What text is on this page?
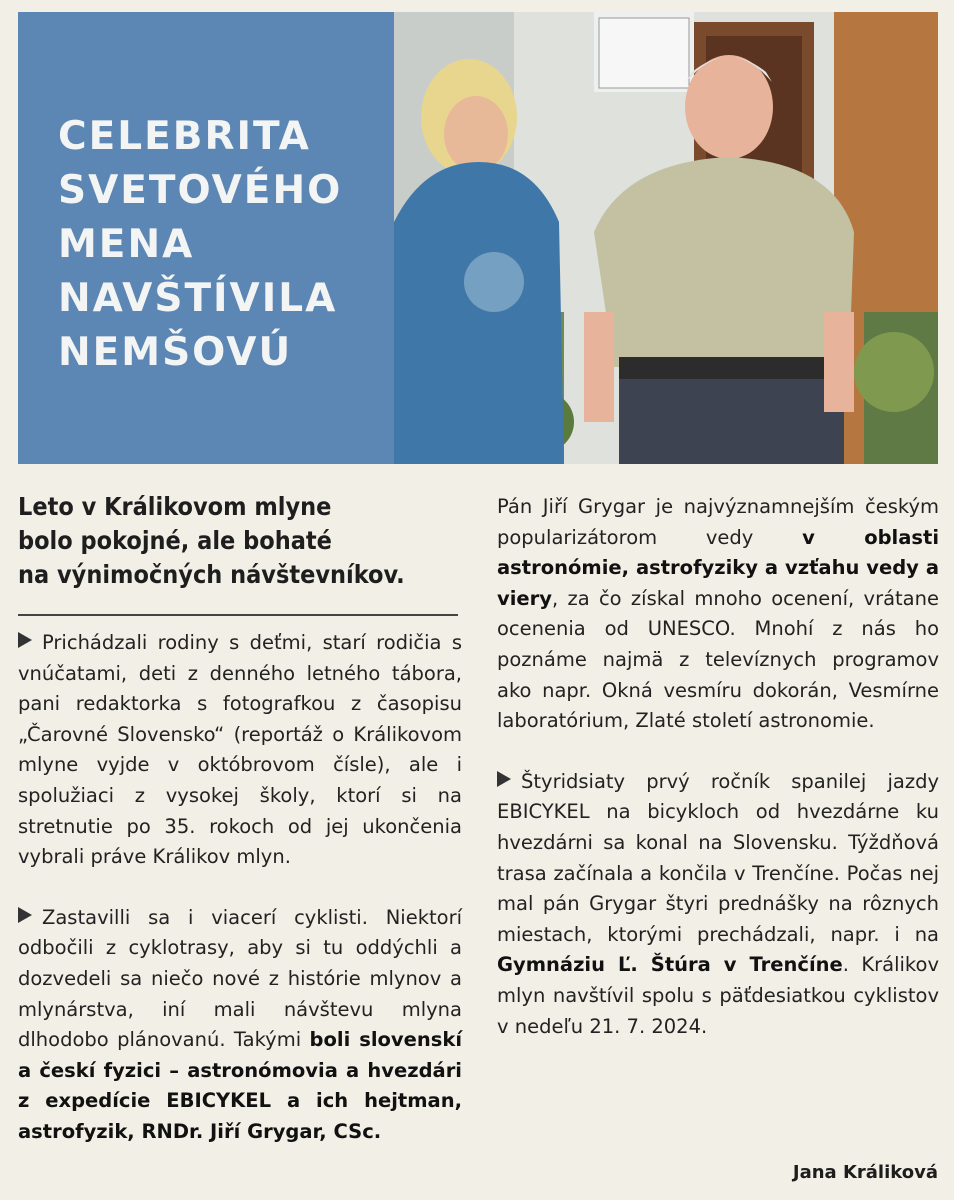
CELEBRITA
SVETOVÉHO
MENA
NAVŠTÍVILA
NEMŠOVÚ
Leto v Králikovom mlyne
bolo pokojné, ale bohaté
na výnimočných návštevníkov.

Prichádzali rodiny s deťmi, starí rodičia s vnúčatami, deti z denného letného tábora, pani redaktorka s fotografkou z časopisu „Čarovné Slovensko“ (reportáž o Králikovom mlyne vyjde v októbrovom čísle), ale i spolužiaci z vysokej školy, ktorí si na stretnutie po 35. rokoch od jej ukončenia vybrali práve Králikov mlyn.

Zastavilli sa i viacerí cyklisti. Niektorí odbočili z cyklotrasy, aby si tu oddýchli a dozvedeli sa niečo nové z histórie mlynov a mlynárstva, iní mali návštevu mlyna dlhodobo plánovanú. Takými boli slovenskí a českí fyzici – astronómovia a hvezdári z expedície EBICYKEL a ich hejtman, astrofyzik, RNDr. Jiří Grygar, CSc.

Pán Jiří Grygar je najvýznamnejším českým popularizátorom vedy v oblasti astronómie, astrofyziky a vzťahu vedy a viery, za čo získal mnoho ocenení, vrátane ocenenia od UNESCO. Mnohí z nás ho poznáme najmä z televíznych programov ako napr. Okná vesmíru dokorán, Vesmírne laboratórium, Zlaté století astronomie.

Štyridsiaty prvý ročník spanilej jazdy EBICYKEL na bicykloch od hvezdárne ku hvezdárni sa konal na Slovensku. Týždňová trasa začínala a končila v Trenčíne. Počas nej mal pán Grygar štyri prednášky na rôznych miestach, ktorými prechádzali, napr. i na Gymnáziu Ľ. Štúra v Trenčíne. Králikov mlyn navštívil spolu s päťdesiatkou cyklistov v nedeľu 21. 7. 2024.

Jana Králiková
